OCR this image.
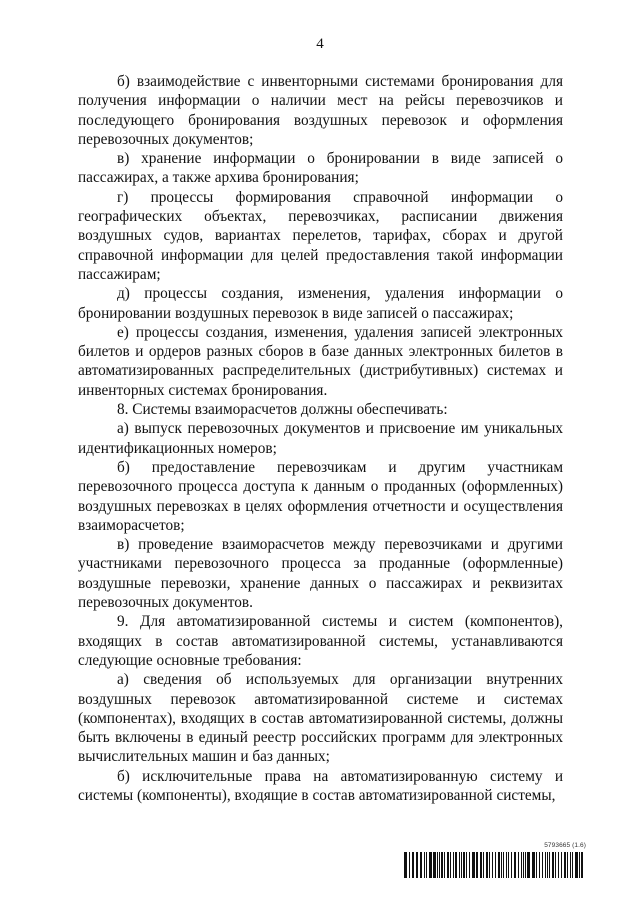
4

б) взаимодействие с инвентoрными системами бронирования для получения информации о наличии мест на рейсы перевозчиков и последующего бронирования воздушных перевозок и оформления перевозочных документов;

в) хранение информации о бронировании в виде записей о пассажирах, а также архива бронирования;

г) процессы формирования справочной информации о географических объектах, перевозчиках, расписании движения воздушных судов, вариантах перелетов, тарифах, сборах и другой справочной информации для целей предоставления такой информации пассажирам;

д) процессы создания, изменения, удаления информации о бронировании воздушных перевозок в виде записей о пассажирах;

е) процессы создания, изменения, удаления записей электронных билетов и ордеров разных сборов в базе данных электронных билетов в автоматизированных распределительных (дистрибутивных) системах и инвентoрных системах бронирования.

8. Системы взаиморасчетов должны обеспечивать:

а) выпуск перевозочных документов и присвоение им уникальных идентификационных номеров;

б) предоставление перевозчикам и другим участникам перевозочного процесса доступа к данным о проданных (оформленных) воздушных перевозках в целях оформления отчетности и осуществления взаиморасчетов;

в) проведение взаиморасчетов между перевозчиками и другими участниками перевозочного процесса за проданные (оформленные) воздушные перевозки, хранение данных о пассажирах и реквизитах перевозочных документов.

9. Для автоматизированной системы и систем (компонентов), входящих в состав автоматизированной системы, устанавливаются следующие основные требования:

а) сведения об используемых для организации внутренних воздушных перевозок автоматизированной системе и системах (компонентах), входящих в состав автоматизированной системы, должны быть включены в единый реестр российских программ для электронных вычислительных машин и баз данных;

б) исключительные права на автоматизированную систему и системы (компоненты), входящие в состав автоматизированной системы,

5793665 (1.6)
